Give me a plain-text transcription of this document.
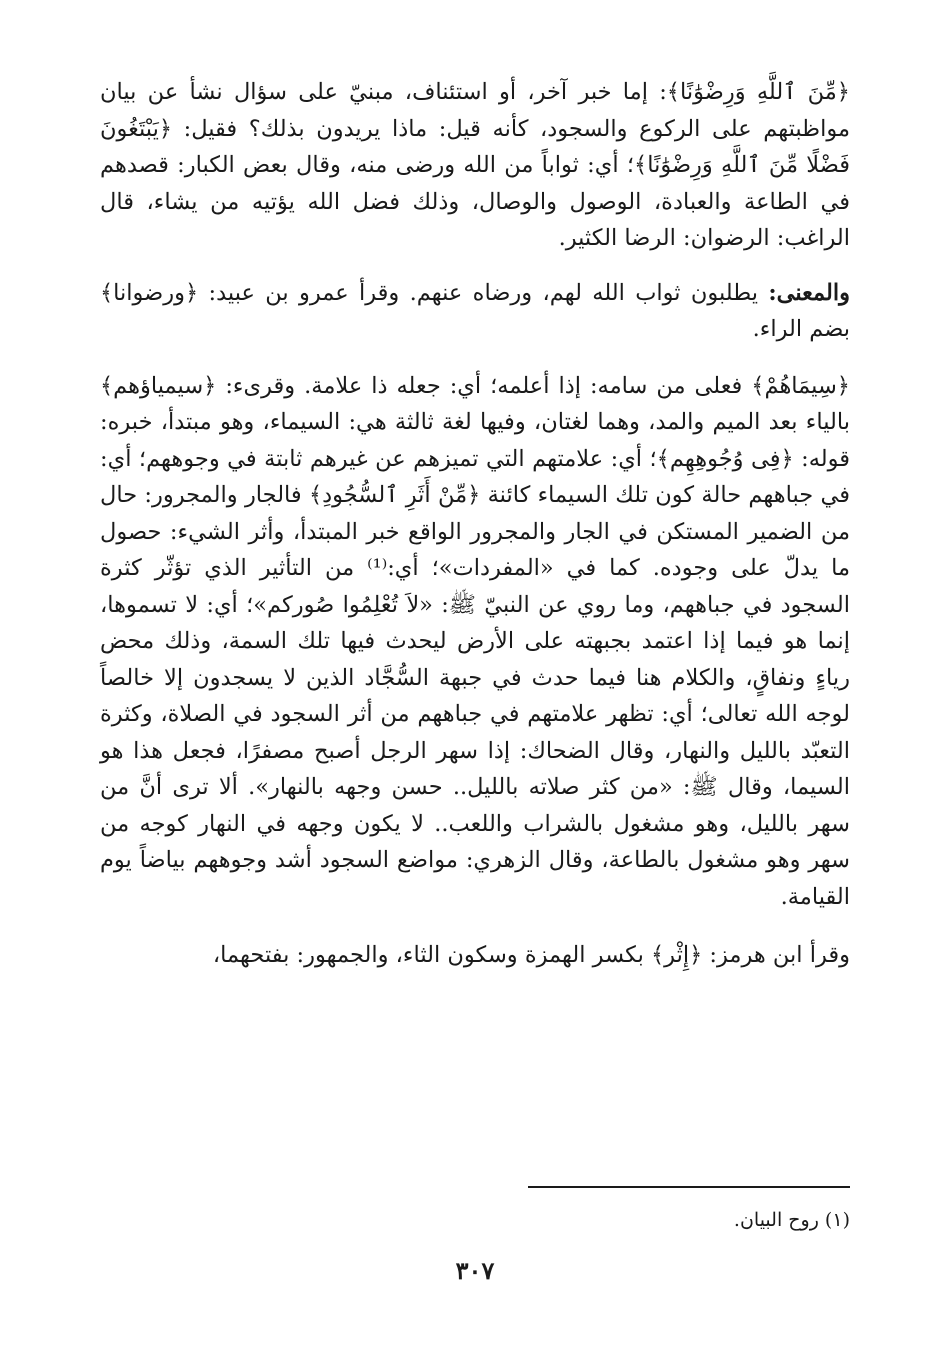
﴿مِّنَ ٱللَّهِ وَرِضْوَٰنًا﴾: إما خبر آخر، أو استئناف، مبنيّ على سؤال نشأ عن بيان مواظبتهم على الركوع والسجود، كأنه قيل: ماذا يريدون بذلك؟ فقيل: ﴿يَبْتَغُونَ فَضْلًا مِّنَ ٱللَّهِ وَرِضْوَٰنًا﴾؛ أي: ثواباً من الله ورضى منه، وقال بعض الكبار: قصدهم في الطاعة والعبادة، الوصول والوصال، وذلك فضل الله يؤتيه من يشاء، قال الراغب: الرضوان: الرضا الكثير.

والمعنى: يطلبون ثواب الله لهم، ورضاه عنهم. وقرأ عمرو بن عبيد: ﴿ورضوانا﴾ بضم الراء.

﴿سِيمَاهُمْ﴾ فعلى من سامه: إذا أعلمه؛ أي: جعله ذا علامة. وقرىء: ﴿سيمياؤهم﴾ بالياء بعد الميم والمد، وهما لغتان، وفيها لغة ثالثة هي: السيماء، وهو مبتدأ، خبره: قوله: ﴿فِى وُجُوهِهِم﴾؛ أي: علامتهم التي تميزهم عن غيرهم ثابتة في وجوههم؛ أي: في جباههم حالة كون تلك السيماء كائنة ﴿مِّنْ أَثَرِ ٱلسُّجُودِ﴾ فالجار والمجرور: حال من الضمير المستكن في الجار والمجرور الواقع خبر المبتدأ، وأثر الشيء: حصول ما يدلّ على وجوده. كما في «المفردات»؛ أي:⁽¹⁾ من التأثير الذي تؤثّر كثرة السجود في جباههم، وما روي عن النبيّ ﷺ: «لاَ تُعْلِمُوا صُوركم»؛ أي: لا تسموها، إنما هو فيما إذا اعتمد بجبهته على الأرض ليحدث فيها تلك السمة، وذلك محض رياءٍ ونفاقٍ، والكلام هنا فيما حدث في جبهة السُّجَّاد الذين لا يسجدون إلا خالصاً لوجه الله تعالى؛ أي: تظهر علامتهم في جباههم من أثر السجود في الصلاة، وكثرة التعبّد بالليل والنهار، وقال الضحاك: إذا سهر الرجل أصبح مصفرًا، فجعل هذا هو السيما، وقال ﷺ: «من كثر صلاته بالليل.. حسن وجهه بالنهار». ألا ترى أنَّ من سهر بالليل، وهو مشغول بالشراب واللعب.. لا يكون وجهه في النهار كوجه من سهر وهو مشغول بالطاعة، وقال الزهري: مواضع السجود أشد وجوههم بياضاً يوم القيامة.

وقرأ ابن هرمز: ﴿إِثْر﴾ بكسر الهمزة وسكون الثاء، والجمهور: بفتحهما،

(١) روح البيان.

٣٠٧
